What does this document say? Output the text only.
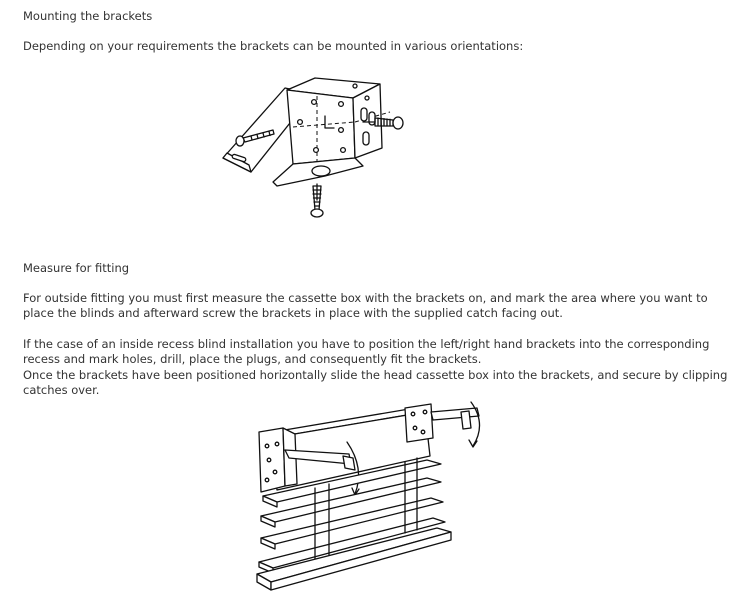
Mounting the brackets
Depending on your requirements the brackets can be mounted in various orientations:
Measure for fitting
For outside fitting you must first measure the cassette box with the brackets on, and mark the area where you want to
place the blinds and afterward screw the brackets in place with the supplied catch facing out.
If the case of an inside recess blind installation you have to position the left/right hand brackets into the corresponding
recess and mark holes, drill, place the plugs, and consequently fit the brackets.
Once the brackets have been positioned horizontally slide the head cassette box into the brackets, and secure by clipping
catches over.
